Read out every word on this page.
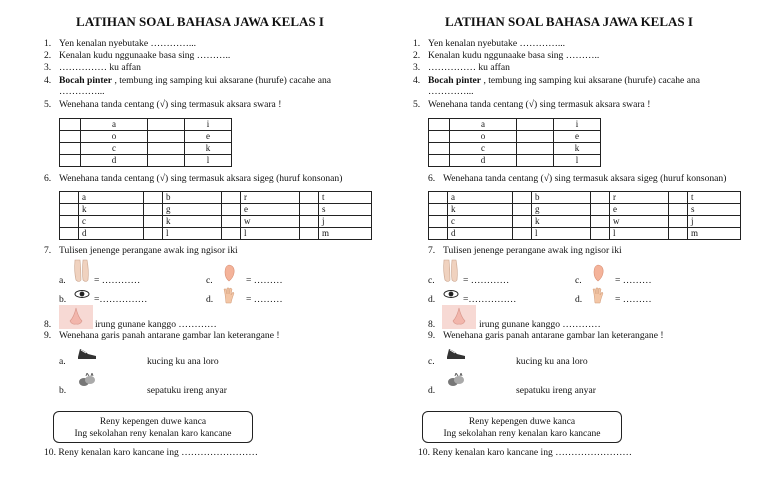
LATIHAN SOAL BAHASA JAWA KELAS I
1. Yen kenalan nyebutake …………...
2. Kenalan kudu nggunaake basa sing ………..
3. …………… ku affan
4. Bocah pinter , tembung ing samping kui aksarane (hurufe) cacahe ana
…………...
5. Wenehana tanda centang (√) sing termasuk aksara swara !
	a		i
	o		e
	c		k
	d		l
6. Wenehana tanda centang (√) sing termasuk aksara sigeg (huruf konsonan)
	a		b		r		t
	k		g		e		s
	c		k		w		j
	d		l		l		m
7. Tulisen jenenge perangane awak ing ngisor iki
a.	= …………	c.	= ………
b.	=……………	d.	= ………
8.	irung gunane kanggo …………
9. Wenehana garis panah antarane gambar lan keterangane !
a.	kucing ku ana loro
b.	sepatuku ireng anyar
Reny kepengen duwe kanca
Ing sekolahan reny kenalan karo kancane
10. Reny kenalan karo kancane ing ……………………
LATIHAN SOAL BAHASA JAWA KELAS I
1. Yen kenalan nyebutake …………...
2. Kenalan kudu nggunaake basa sing ………..
3. …………… ku affan
4. Bocah pinter , tembung ing samping kui aksarane (hurufe) cacahe ana
…………...
5. Wenehana tanda centang (√) sing termasuk aksara swara !
	a		i
	o		e
	c		k
	d		l
6. Wenehana tanda centang (√) sing termasuk aksara sigeg (huruf konsonan)
	a		b		r		t
	k		g		e		s
	c		k		w		j
	d		l		l		m
7. Tulisen jenenge perangane awak ing ngisor iki
c.	= …………	c.	= ………
d.	=……………	d.	= ………
8.	irung gunane kanggo …………
9. Wenehana garis panah antarane gambar lan keterangane !
c.	kucing ku ana loro
d.	sepatuku ireng anyar
Reny kepengen duwe kanca
Ing sekolahan reny kenalan karo kancane
10. Reny kenalan karo kancane ing ……………………
